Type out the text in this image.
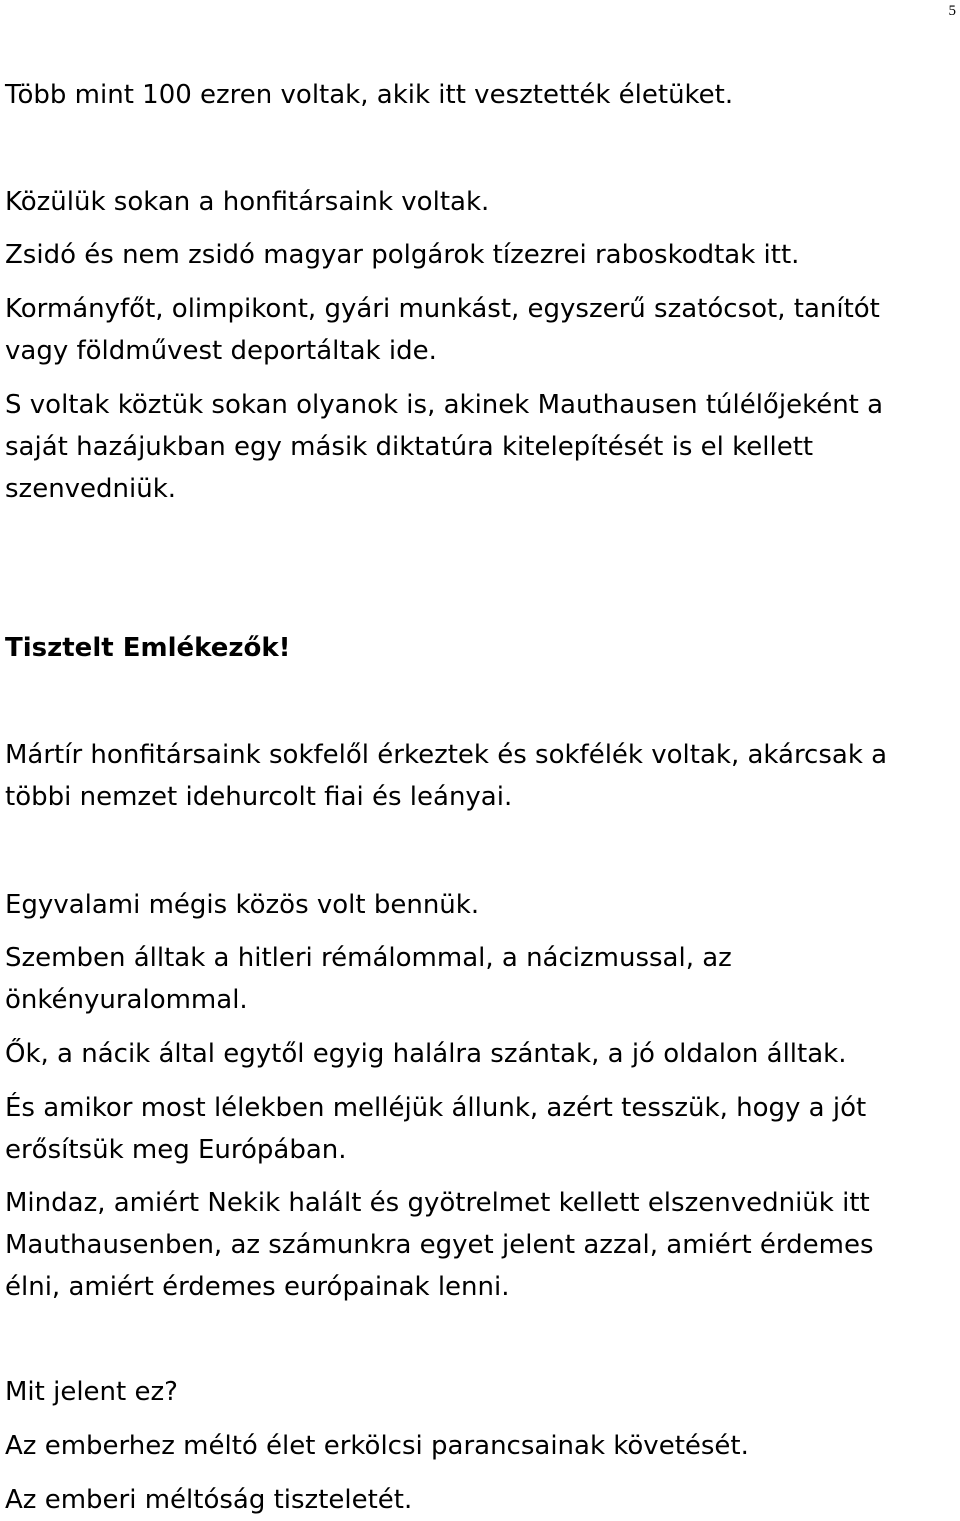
5

Több mint 100 ezren voltak, akik itt vesztették életüket.

Közülük sokan a honfitársaink voltak.

Zsidó és nem zsidó magyar polgárok tízezrei raboskodtak itt.

Kormányfőt, olimpikont, gyári munkást, egyszerű szatócsot, tanítót
vagy földművest deportáltak ide.

S voltak köztük sokan olyanok is, akinek Mauthausen túlélőjeként a
saját hazájukban egy másik diktatúra kitelepítését is el kellett
szenvedniük.

Tisztelt Emlékezők!

Mártír honfitársaink sokfelől érkeztek és sokfélék voltak, akárcsak a
többi nemzet idehurcolt fiai és leányai.

Egyvalami mégis közös volt bennük.

Szemben álltak a hitleri rémálommal, a nácizmussal, az
önkényuralommal.

Ők, a nácik által egytől egyig halálra szántak, a jó oldalon álltak.

És amikor most lélekben melléjük állunk, azért tesszük, hogy a jót
erősítsük meg Európában.

Mindaz, amiért Nekik halált és gyötrelmet kellett elszenvedniük itt
Mauthausenben, az számunkra egyet jelent azzal, amiért érdemes
élni, amiért érdemes európainak lenni.

Mit jelent ez?

Az emberhez méltó élet erkölcsi parancsainak követését.

Az emberi méltóság tiszteletét.
